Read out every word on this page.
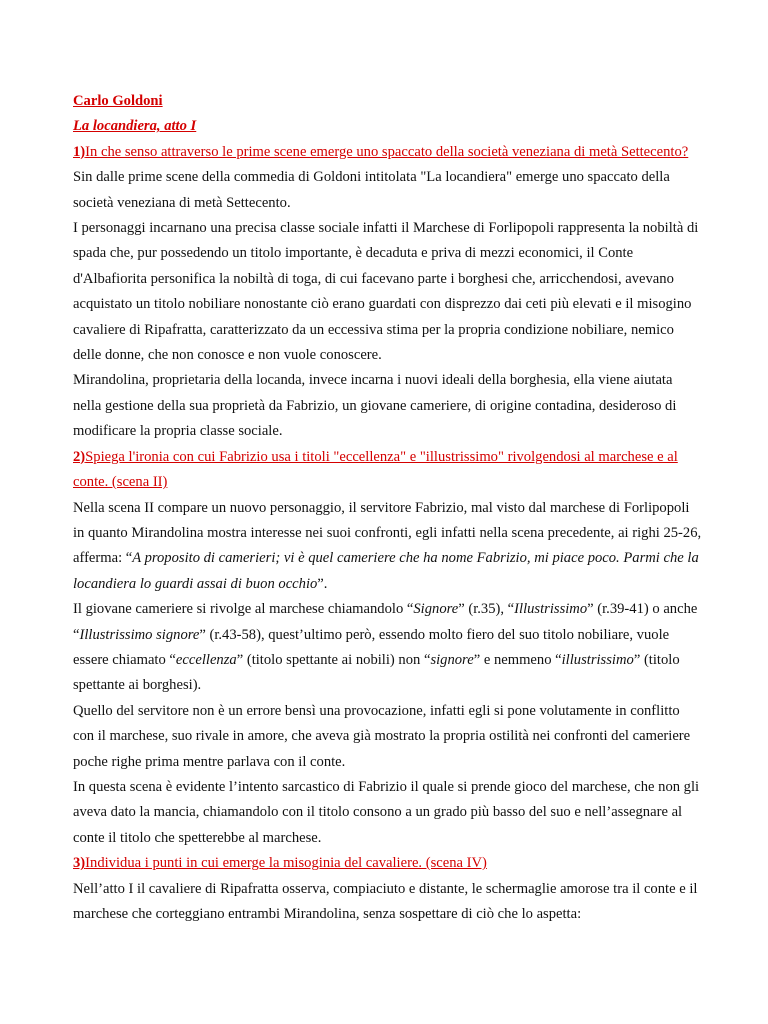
Carlo Goldoni
La locandiera, atto I

1)In che senso attraverso le prime scene emerge uno spaccato della società veneziana di metà Settecento?

Sin dalle prime scene della commedia di Goldoni intitolata "La locandiera" emerge uno spaccato della società veneziana di metà Settecento.

I personaggi incarnano una precisa classe sociale infatti il Marchese di Forlipopoli rappresenta la nobiltà di spada che, pur possedendo un titolo importante, è decaduta e priva di mezzi economici, il Conte d'Albafiorita personifica la nobiltà di toga, di cui facevano parte i borghesi che, arricchendosi, avevano acquistato un titolo nobiliare nonostante ciò erano guardati con disprezzo dai ceti più elevati e il misogino cavaliere di Ripafratta, caratterizzato da un eccessiva stima per la propria condizione nobiliare, nemico delle donne, che non conosce e non vuole conoscere.

Mirandolina, proprietaria della locanda, invece incarna i nuovi ideali della borghesia, ella viene aiutata nella gestione della sua proprietà da Fabrizio, un giovane cameriere, di origine contadina, desideroso di modificare la propria classe sociale.

2)Spiega l'ironia con cui Fabrizio usa i titoli "eccellenza" e "illustrissimo" rivolgendosi al marchese e al conte. (scena II)

Nella scena II compare un nuovo personaggio, il servitore Fabrizio, mal visto dal marchese di Forlipopoli in quanto Mirandolina mostra interesse nei suoi confronti, egli infatti nella scena precedente, ai righi 25-26, afferma: “A proposito di camerieri; vi è quel cameriere che ha nome Fabrizio, mi piace poco. Parmi che la locandiera lo guardi assai di buon occhio”.

Il giovane cameriere si rivolge al marchese chiamandolo “Signore” (r.35), “Illustrissimo” (r.39-41) o anche “Illustrissimo signore” (r.43-58), quest’ultimo però, essendo molto fiero del suo titolo nobiliare, vuole essere chiamato “eccellenza” (titolo spettante ai nobili) non “signore” e nemmeno “illustrissimo” (titolo spettante ai borghesi).

Quello del servitore non è un errore bensì una provocazione, infatti egli si pone volutamente in conflitto con il marchese, suo rivale in amore, che aveva già mostrato la propria ostilità nei confronti del cameriere poche righe prima mentre parlava con il conte.

In questa scena è evidente l’intento sarcastico di Fabrizio il quale si prende gioco del marchese, che non gli aveva dato la mancia, chiamandolo con il titolo consono a un grado più basso del suo e nell’assegnare al conte il titolo che spetterebbe al marchese.

3)Individua i punti in cui emerge la misoginia del cavaliere. (scena IV)

Nell’atto I il cavaliere di Ripafratta osserva, compiaciuto e distante, le schermaglie amorose tra il conte e il marchese che corteggiano entrambi Mirandolina, senza sospettare di ciò che lo aspetta:
